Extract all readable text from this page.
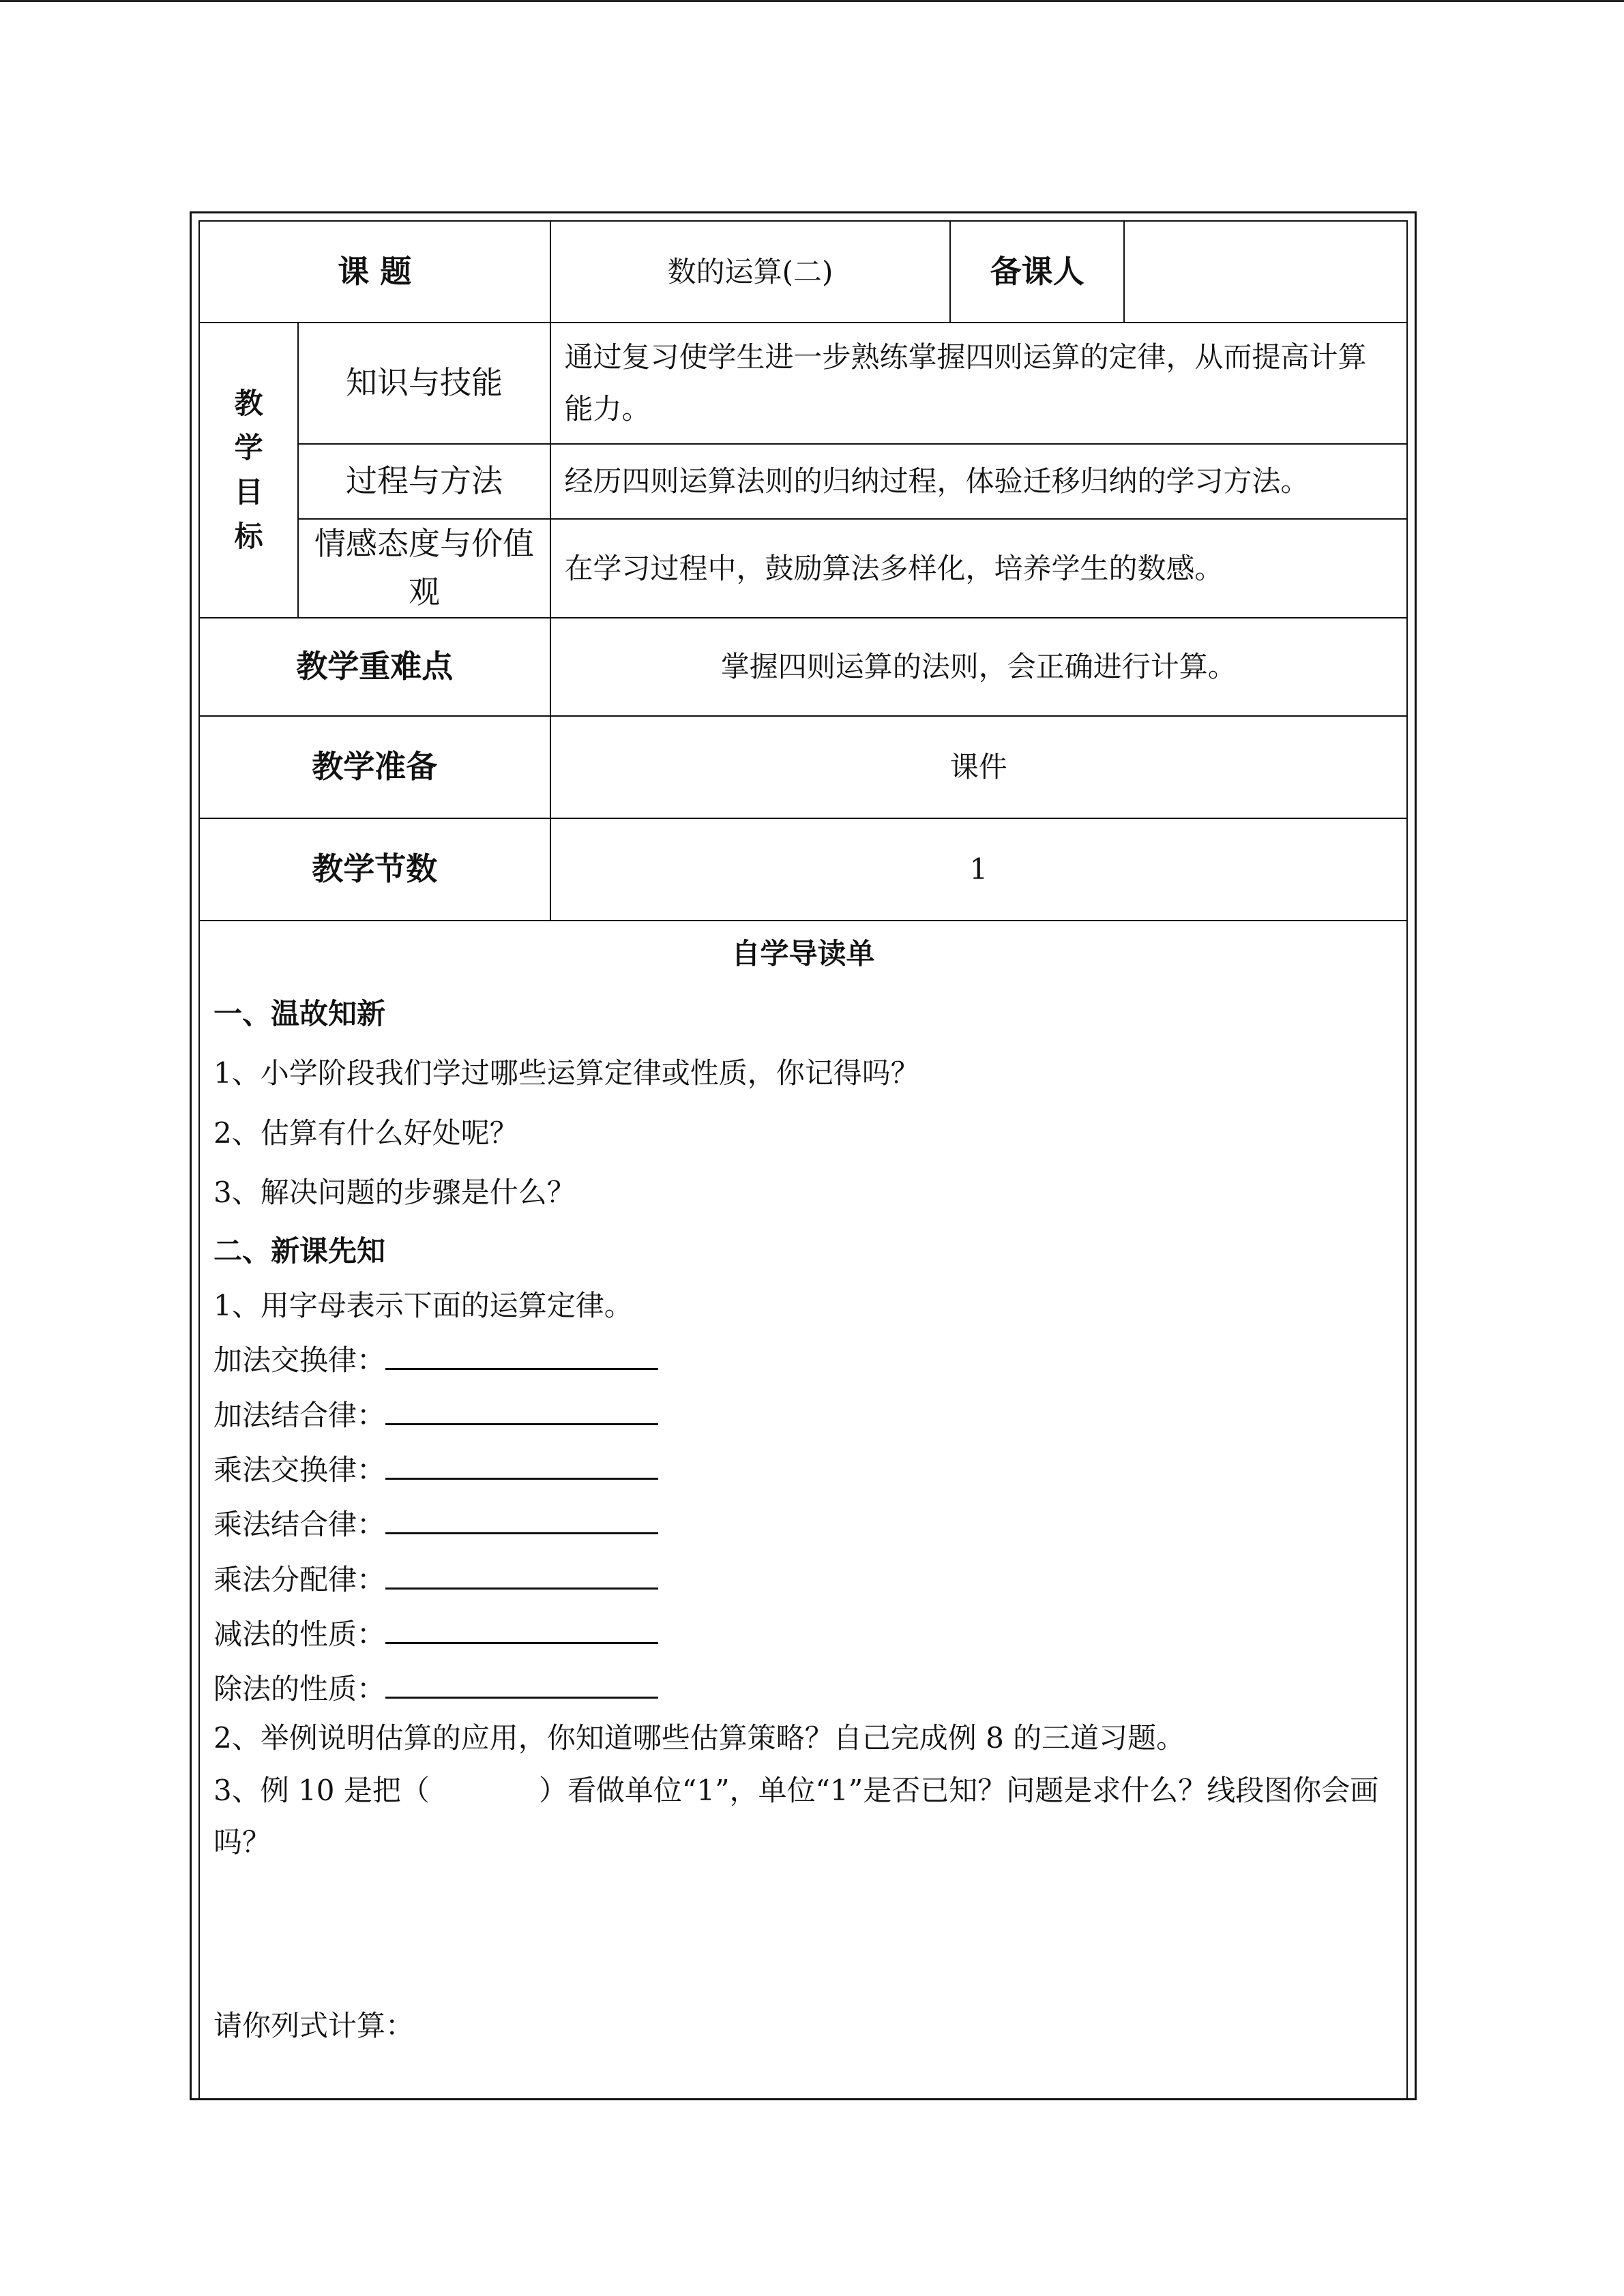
课 题		数的运算(二)	备课人	

教
学
目
标	知识与技能	通过复习使学生进一步熟练掌握四则运算的定律，从而提高计算能力。		
	过程与方法	经历四则运算法则的归纳过程，体验迁移归纳的学习方法。		
	情感态度与价值观	在学习过程中，鼓励算法多样化，培养学生的数感。		
教学重难点		掌握四则运算的法则，会正确进行计算。		
教学准备		课件		
教学节数		1		

自学导读单

一、温故知新

1、小学阶段我们学过哪些运算定律或性质，你记得吗？

2、估算有什么好处呢？

3、解决问题的步骤是什么？

二、新课先知

1、用字母表示下面的运算定律。

加法交换律：

加法结合律：

乘法交换律：

乘法结合律：

乘法分配律：

减法的性质：

除法的性质：

2、举例说明估算的应用，你知道哪些估算策略？自己完成例 8 的三道习题。

3、例 10 是把（	）看做单位“1”，单位“1”是否已知？问题是求什么？线段图你会画吗？

请你列式计算：
